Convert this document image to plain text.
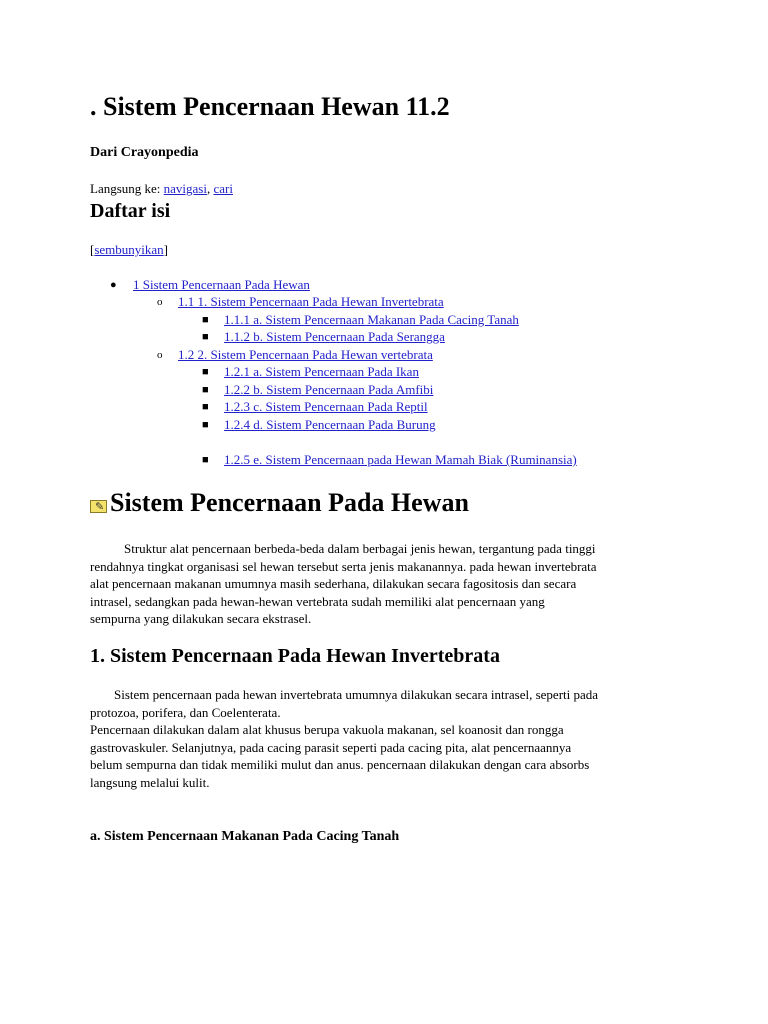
. Sistem Pencernaan Hewan 11.2
Dari Crayonpedia
Langsung ke: navigasi, cari
Daftar isi
[sembunyikan]
● 1 Sistem Pencernaan Pada Hewan
o 1.1 1. Sistem Pencernaan Pada Hewan Invertebrata
■ 1.1.1 a. Sistem Pencernaan Makanan Pada Cacing Tanah
■ 1.1.2 b. Sistem Pencernaan Pada Serangga
o 1.2 2. Sistem Pencernaan Pada Hewan vertebrata
■ 1.2.1 a. Sistem Pencernaan Pada Ikan
■ 1.2.2 b. Sistem Pencernaan Pada Amfibi
■ 1.2.3 c. Sistem Pencernaan Pada Reptil
■ 1.2.4 d. Sistem Pencernaan Pada Burung
■ 1.2.5 e. Sistem Pencernaan pada Hewan Mamah Biak (Ruminansia)
✎ Sistem Pencernaan Pada Hewan
Struktur alat pencernaan berbeda-beda dalam berbagai jenis hewan, tergantung pada tinggi
rendahnya tingkat organisasi sel hewan tersebut serta jenis makanannya. pada hewan invertebrata
alat pencernaan makanan umumnya masih sederhana, dilakukan secara fagositosis dan secara
intrasel, sedangkan pada hewan-hewan vertebrata sudah memiliki alat pencernaan yang
sempurna yang dilakukan secara ekstrasel.
1. Sistem Pencernaan Pada Hewan Invertebrata
Sistem pencernaan pada hewan invertebrata umumnya dilakukan secara intrasel, seperti pada
protozoa, porifera, dan Coelenterata.
Pencernaan dilakukan dalam alat khusus berupa vakuola makanan, sel koanosit dan rongga
gastrovaskuler. Selanjutnya, pada cacing parasit seperti pada cacing pita, alat pencernaannya
belum sempurna dan tidak memiliki mulut dan anus. pencernaan dilakukan dengan cara absorbs
langsung melalui kulit.
a. Sistem Pencernaan Makanan Pada Cacing Tanah
